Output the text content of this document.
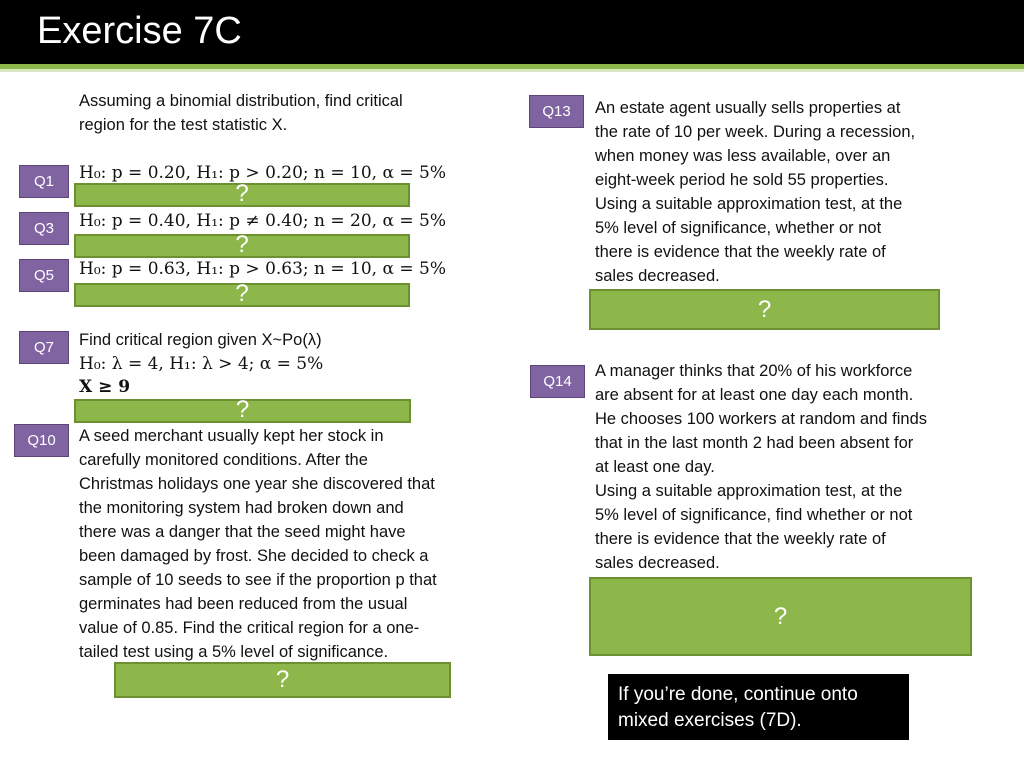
Exercise 7C
Assuming a binomial distribution, find critical
region for the test statistic X.
Q1	H₀: p = 0.20, H₁: p > 0.20; n = 10, α = 5%
?
Q3	H₀: p = 0.40, H₁: p ≠ 0.40; n = 20, α = 5%
?
Q5	H₀: p = 0.63, H₁: p > 0.63; n = 10, α = 5%
?
Q7	Find critical region given X~Po(λ)
H₀: λ = 4, H₁: λ > 4; α = 5%
X ≥ 9
?
Q10	A seed merchant usually kept her stock in
carefully monitored conditions. After the
Christmas holidays one year she discovered that
the monitoring system had broken down and
there was a danger that the seed might have
been damaged by frost. She decided to check a
sample of 10 seeds to see if the proportion p that
germinates had been reduced from the usual
value of 0.85. Find the critical region for a one-
tailed test using a 5% level of significance.
?
Q13	An estate agent usually sells properties at
the rate of 10 per week. During a recession,
when money was less available, over an
eight-week period he sold 55 properties.
Using a suitable approximation test, at the
5% level of significance, whether or not
there is evidence that the weekly rate of
sales decreased.
?
Q14
A manager thinks that 20% of his workforce
are absent for at least one day each month.
He chooses 100 workers at random and finds
that in the last month 2 had been absent for
at least one day.
Using a suitable approximation test, at the
5% level of significance, find whether or not
there is evidence that the weekly rate of
sales decreased.
?
If you’re done, continue onto
mixed exercises (7D).
